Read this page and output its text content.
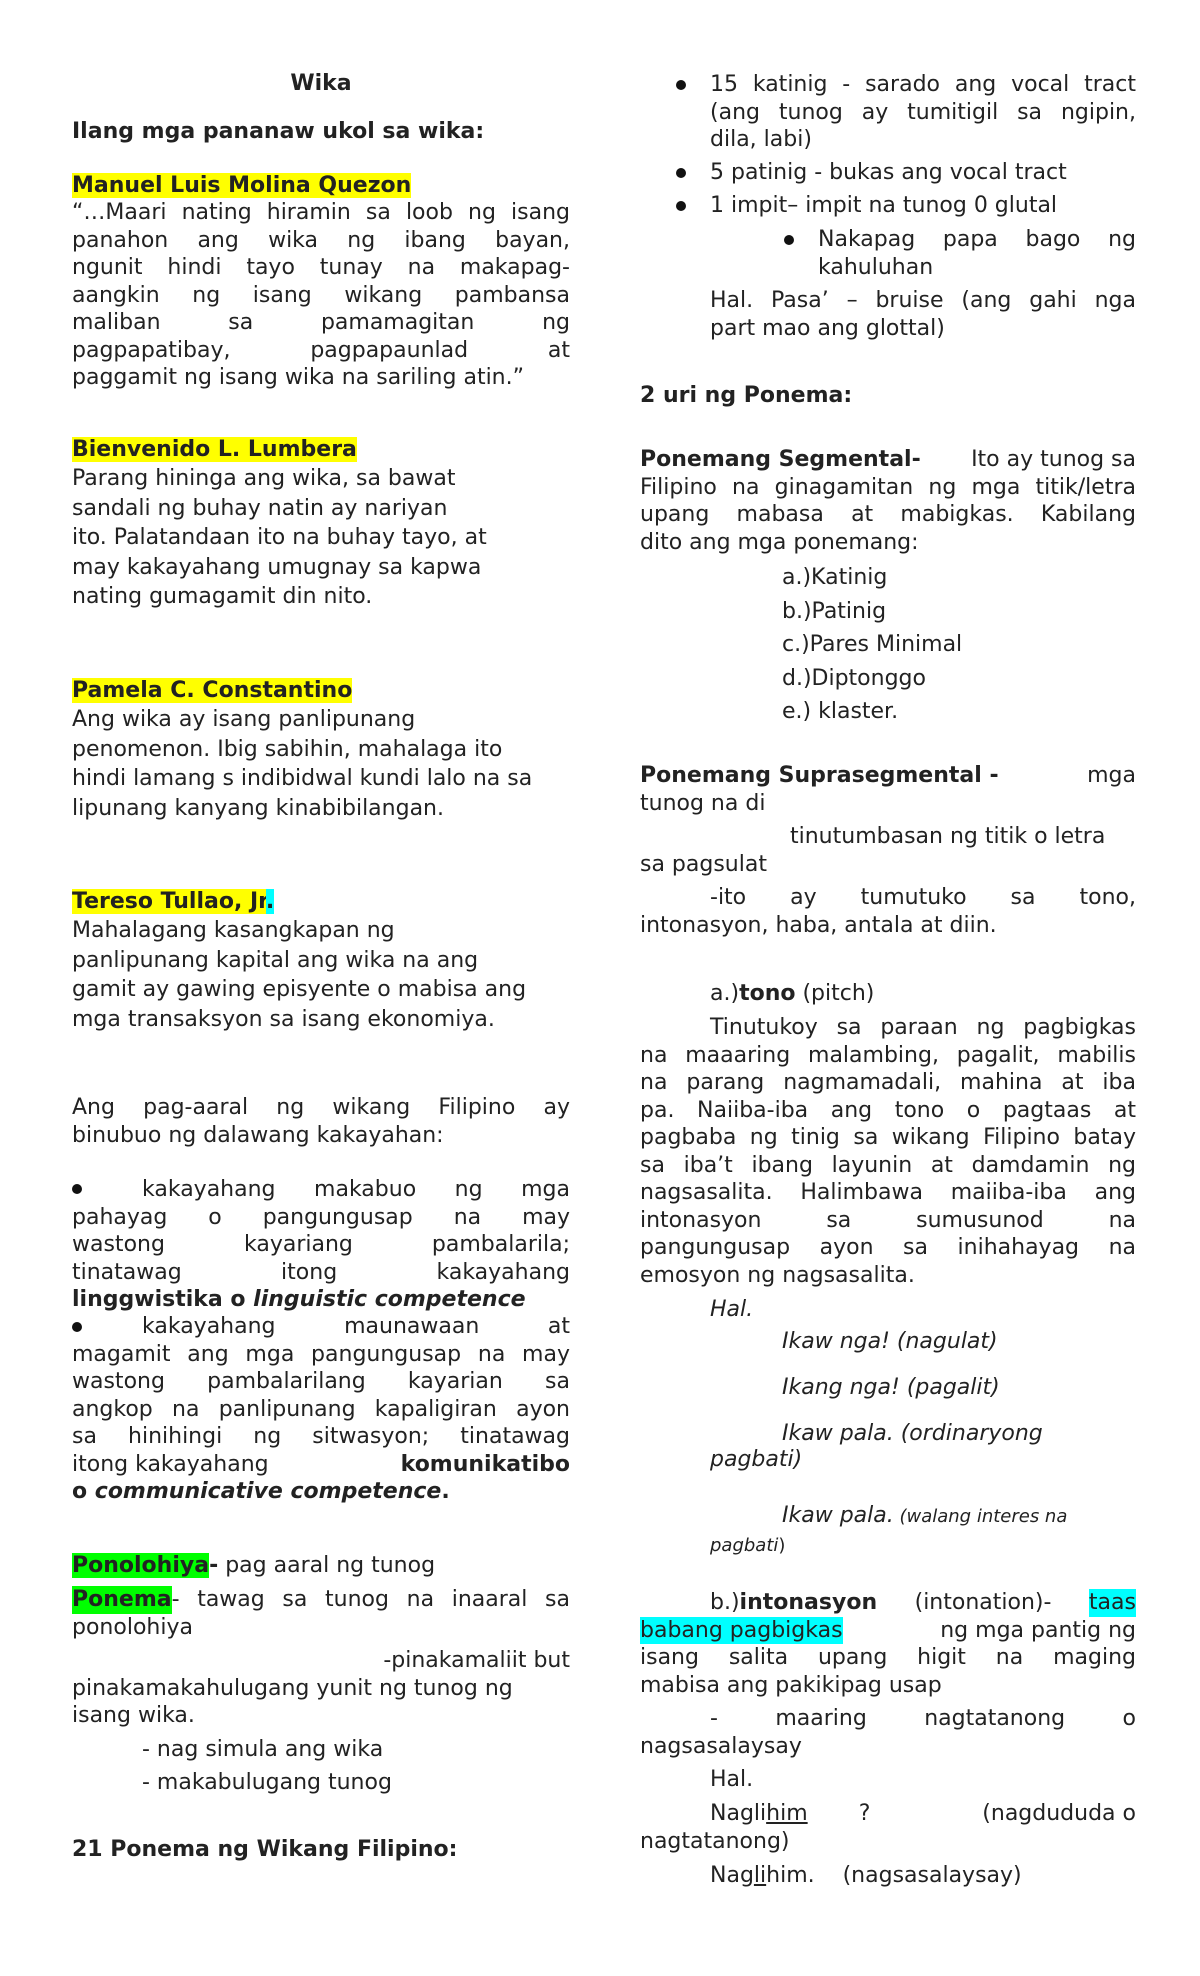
Wika

Ilang mga pananaw ukol sa wika:

Manuel Luis Molina Quezon

“…Maari nating hiramin sa loob ng isang
panahon ang wika ng ibang bayan,
ngunit hindi tayo tunay na makapag-
aangkin ng isang wikang pambansa
maliban sa pamamagitan ng
pagpapatibay, pagpapaunlad at
paggamit ng isang wika na sariling atin.”

Bienvenido L. Lumbera

Parang hininga ang wika, sa bawat
sandali ng buhay natin ay nariyan
ito. Palatandaan ito na buhay tayo, at
may kakayahang umugnay sa kapwa
nating gumagamit din nito.

Pamela C. Constantino

Ang wika ay isang panlipunang
penomenon. Ibig sabihin, mahalaga ito
hindi lamang s indibidwal kundi lalo na sa
lipunang kanyang kinabibilangan.

Tereso Tullao, Jr.

Mahalagang kasangkapan ng
panlipunang kapital ang wika na ang
gamit ay gawing episyente o mabisa ang
mga transaksyon sa isang ekonomiya.
Ang pag-aaral ng wikang Filipino ay
binubuo ng dalawang kakayahan:
kakayahang makabuo ng mga
pahayag o pangungusap na may
wastong kayariang pambalarila;
tinatawag itong kakayahang
linggwistika o linguistic competence
kakayahang maunawaan at
magamit ang mga pangungusap na may
wastong pambalarilang kayarian sa
angkop na panlipunang kapaligiran ayon
sa hinihingi ng sitwasyon; tinatawag
itong kakayahang	komunikatibo
o communicative competence.

Ponolohiya- pag aaral ng tunog

Ponema - tawag sa tunog na inaaral sa
ponolohiya
-pinakamaliit but
pinakamakahulugang yunit ng tunog ng
isang wika.

- nag simula ang wika

- makabulugang tunog

21 Ponema ng Wikang Filipino:

15 katinig - sarado ang vocal tract
(ang tunog ay tumitigil sa ngipin,
dila, labi)

5 patinig - bukas ang vocal tract

1 impit– impit na tunog 0 glutal

Nakapag papa bago ng
kahuluhan
Hal. Pasa’ – bruise (ang gahi nga
part mao ang glottal)

2 uri ng Ponema:

Ponemang Segmental- Ito ay tunog sa
Filipino na ginagamitan ng mga titik/letra
upang mabasa at mabigkas. Kabilang
dito ang mga ponemang:
a.)Katinig
b.)Patinig
c.)Pares Minimal
d.)Diptonggo
e.) klaster.
Ponemang Suprasegmental -	mga
tunog na di
tinutumbasan ng titik o letra
sa pagsulat
-ito ay tumutuko sa tono,
intonasyon, haba, antala at diin.

a.)tono (pitch)

Tinutukoy sa paraan ng pagbigkas
na maaaring malambing, pagalit, mabilis
na parang nagmamadali, mahina at iba
pa. Naiiba-iba ang tono o pagtaas at
pagbaba ng tinig sa wikang Filipino batay
sa iba’t ibang layunin at damdamin ng
nagsasalita. Halimbawa maiiba-iba ang
intonasyon sa sumusunod na
pangungusap ayon sa inihahayag na
emosyon ng nagsasalita.

Hal.

Ikaw nga! (nagulat)

Ikang nga! (pagalit)

Ikaw pala. (ordinaryong

pagbati)

Ikaw pala. (walang interes na

pagbati)

b.)intonasyon (intonation)- taas
babang pagbigkas	ng mga pantig ng
isang salita upang higit na maging
mabisa ang pakikipag usap
- maaring nagtatanong o
nagsasalaysay

Hal.

Nagli him	?                (nagdududa o
nagtatanong)

Naglihim.    (nagsasalaysay)
